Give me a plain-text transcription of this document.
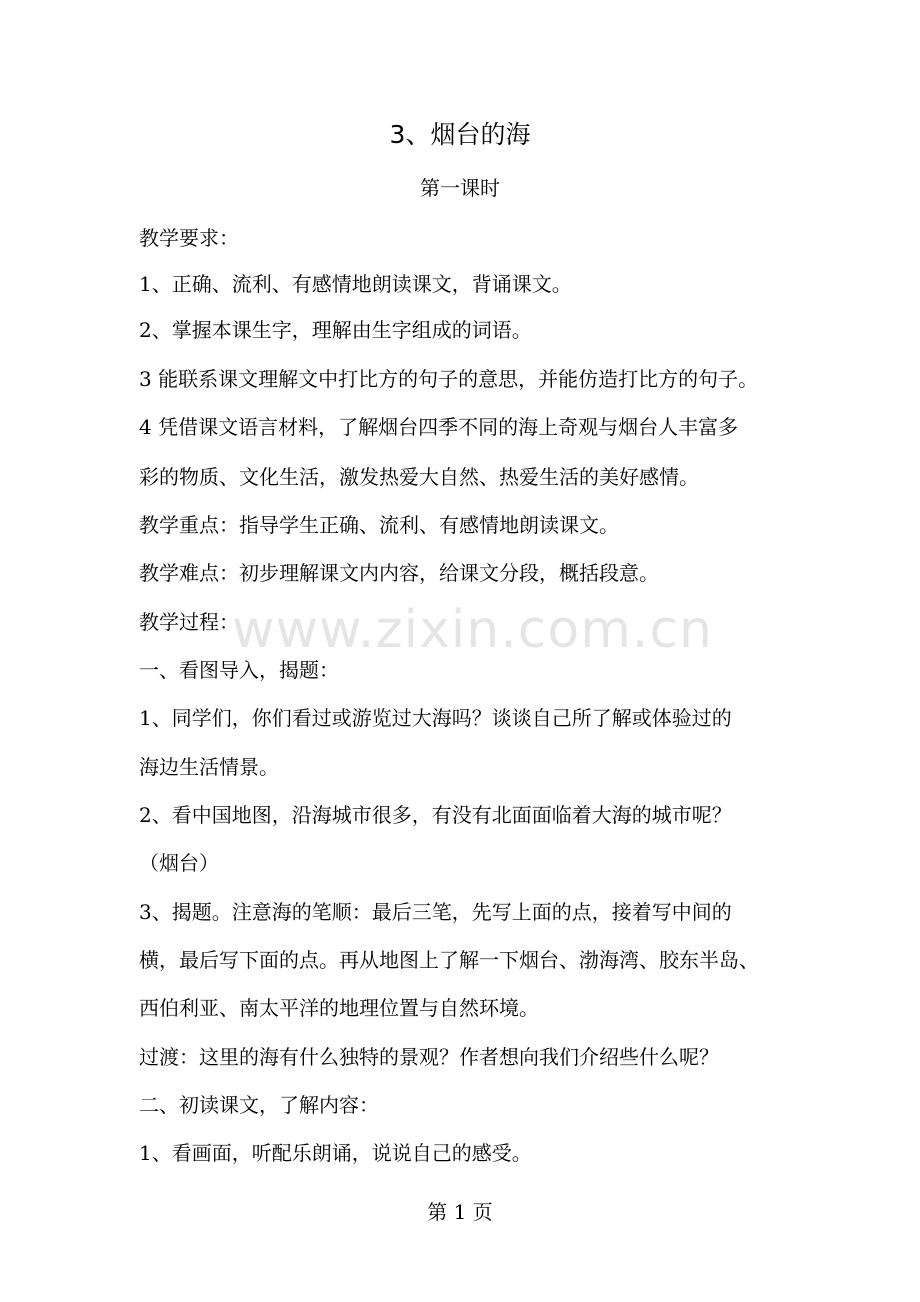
3、烟台的海
第一课时
教学要求：
1、正确、流利、有感情地朗读课文，背诵课文。
2、掌握本课生字，理解由生字组成的词语。
3 能联系课文理解文中打比方的句子的意思，并能仿造打比方的句子。
4 凭借课文语言材料，了解烟台四季不同的海上奇观与烟台人丰富多
彩的物质、文化生活，激发热爱大自然、热爱生活的美好感情。
教学重点：指导学生正确、流利、有感情地朗读课文。
教学难点：初步理解课文内内容，给课文分段，概括段意。
教学过程：
一、看图导入，揭题：
1、同学们，你们看过或游览过大海吗？谈谈自己所了解或体验过的
海边生活情景。
2、看中国地图，沿海城市很多，有没有北面面临着大海的城市呢？
（烟台）
3、揭题。注意海的笔顺：最后三笔，先写上面的点，接着写中间的
横，最后写下面的点。再从地图上了解一下烟台、渤海湾、胶东半岛、
西伯利亚、南太平洋的地理位置与自然环境。
过渡：这里的海有什么独特的景观？作者想向我们介绍些什么呢？
二、初读课文，了解内容：
1、看画面，听配乐朗诵，说说自己的感受。
www.zixin.com.cn
第 1 页
